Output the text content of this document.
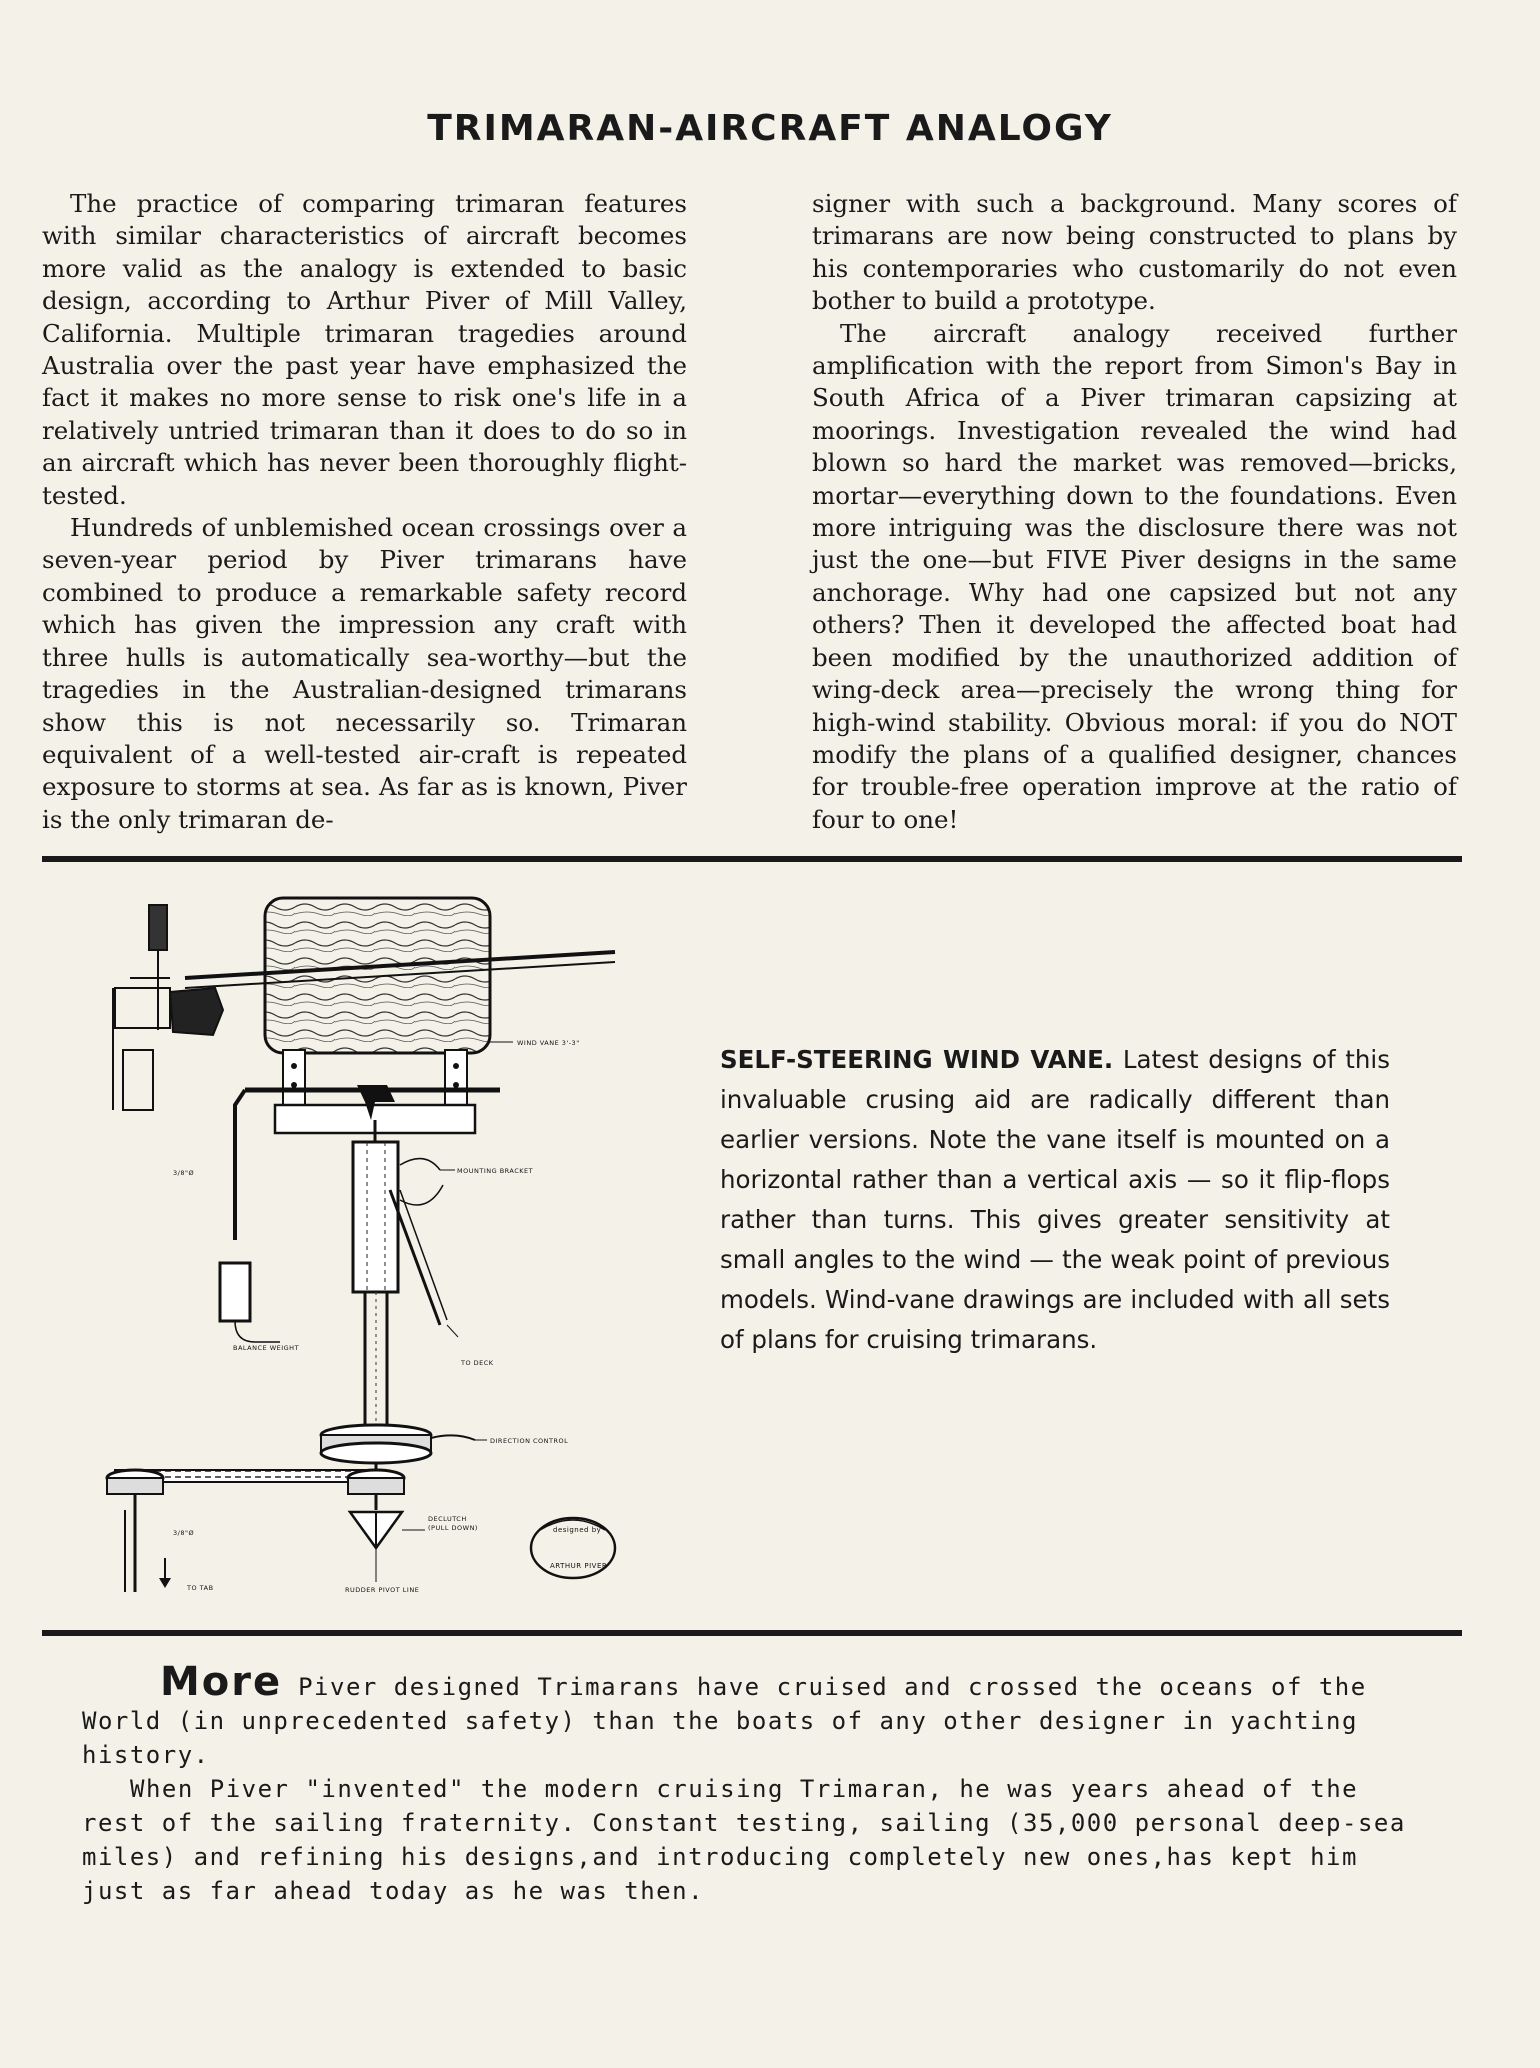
TRIMARAN-AIRCRAFT ANALOGY

The practice of comparing trimaran features with similar characteristics of aircraft becomes more valid as the analogy is extended to basic design, according to Arthur Piver of Mill Valley, California. Multiple trimaran tragedies around Australia over the past year have emphasized the fact it makes no more sense to risk one's life in a relatively untried trimaran than it does to do so in an aircraft which has never been thoroughly flight-tested.

Hundreds of unblemished ocean crossings over a seven-year period by Piver trimarans have combined to produce a remarkable safety record which has given the impression any craft with three hulls is automatically sea-worthy—but the tragedies in the Australian-designed trimarans show this is not necessarily so. Trimaran equivalent of a well-tested air-craft is repeated exposure to storms at sea. As far as is known, Piver is the only trimaran de-

signer with such a background. Many scores of trimarans are now being constructed to plans by his contemporaries who customarily do not even bother to build a prototype.

The aircraft analogy received further amplification with the report from Simon's Bay in South Africa of a Piver trimaran capsizing at moorings. Investigation revealed the wind had blown so hard the market was removed—bricks, mortar—everything down to the foundations. Even more intriguing was the disclosure there was not just the one—but FIVE Piver designs in the same anchorage. Why had one capsized but not any others? Then it developed the affected boat had been modified by the unauthorized addition of wing-deck area—precisely the wrong thing for high-wind stability. Obvious moral: if you do NOT modify the plans of a qualified designer, chances for trouble-free operation improve at the ratio of four to one!

WIND VANE 3'-3"
MOUNTING BRACKET
3/8"Ø
BALANCE WEIGHT
TO DECK
DIRECTION CONTROL
3/8"Ø
DECLUTCH
(PULL DOWN)
TO TAB	RUDDER PIVOT LINE
designed by
ARTHUR PIVER
SELF-STEERING WIND VANE. Latest designs of this invaluable crusing aid are radically different than earlier versions. Note the vane itself is mounted on a horizontal rather than a vertical axis — so it flip-flops rather than turns. This gives greater sensitivity at small angles to the wind — the weak point of previous models. Wind-vane drawings are included with all sets of plans for cruising trimarans.

More Piver designed Trimarans have cruised and crossed the oceans of the World (in unprecedented safety) than the boats of any other designer in yachting history.

When Piver "invented" the modern cruising Trimaran, he was years ahead of the rest of the sailing fraternity. Constant testing, sailing (35,000 personal deep-sea miles) and refining his designs,and introducing completely new ones,has kept him just as far ahead today as he was then.
